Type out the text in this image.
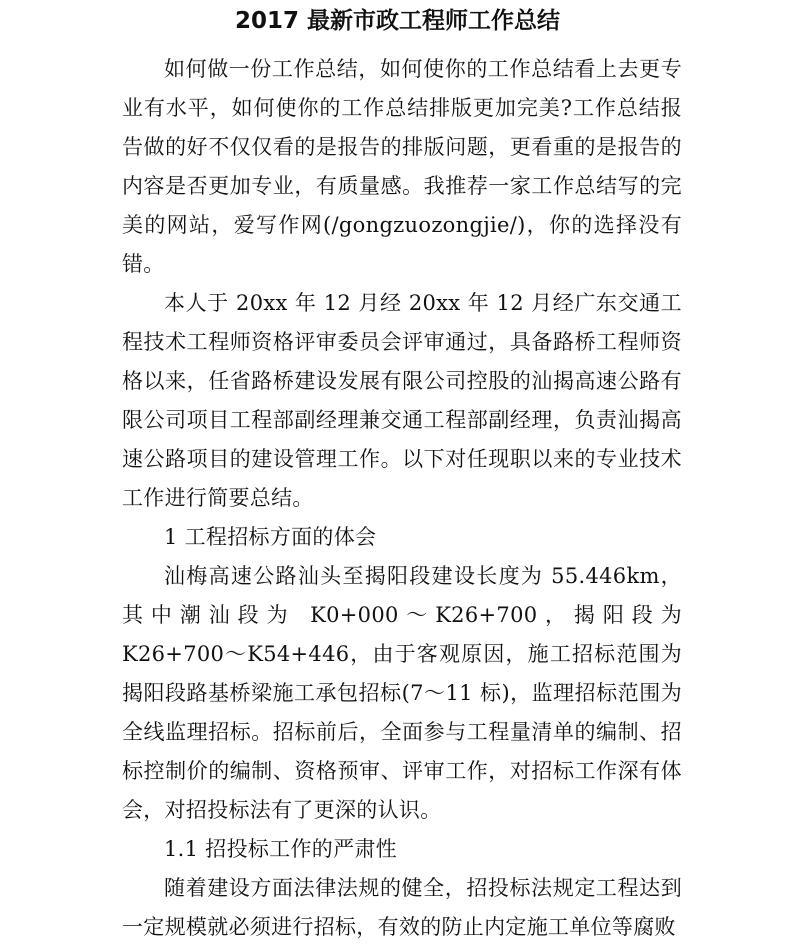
2017 最新市政工程师工作总结

如何做一份工作总结，如何使你的工作总结看上去更专业有水平，如何使你的工作总结排版更加完美?工作总结报告做的好不仅仅看的是报告的排版问题，更看重的是报告的内容是否更加专业，有质量感。我推荐一家工作总结写的完美的网站，爱写作网(/gongzuozongjie/)，你的选择没有错。

本人于 20xx 年 12 月经 20xx 年 12 月经广东交通工程技术工程师资格评审委员会评审通过，具备路桥工程师资格以来，任省路桥建设发展有限公司控股的汕揭高速公路有限公司项目工程部副经理兼交通工程部副经理，负责汕揭高速公路项目的建设管理工作。以下对任现职以来的专业技术工作进行简要总结。

1 工程招标方面的体会

汕梅高速公路汕头至揭阳段建设长度为 55.446km，其中潮汕段为 K0+000～K26+700，揭阳段为 K26+700～K54+446，由于客观原因，施工招标范围为揭阳段路基桥梁施工承包招标(7～11 标)，监理招标范围为全线监理招标。招标前后，全面参与工程量清单的编制、招标控制价的编制、资格预审、评审工作，对招标工作深有体会，对招投标法有了更深的认识。

1.1 招投标工作的严肃性

随着建设方面法律法规的健全，招投标法规定工程达到一定规模就必须进行招标，有效的防止内定施工单位等腐败
